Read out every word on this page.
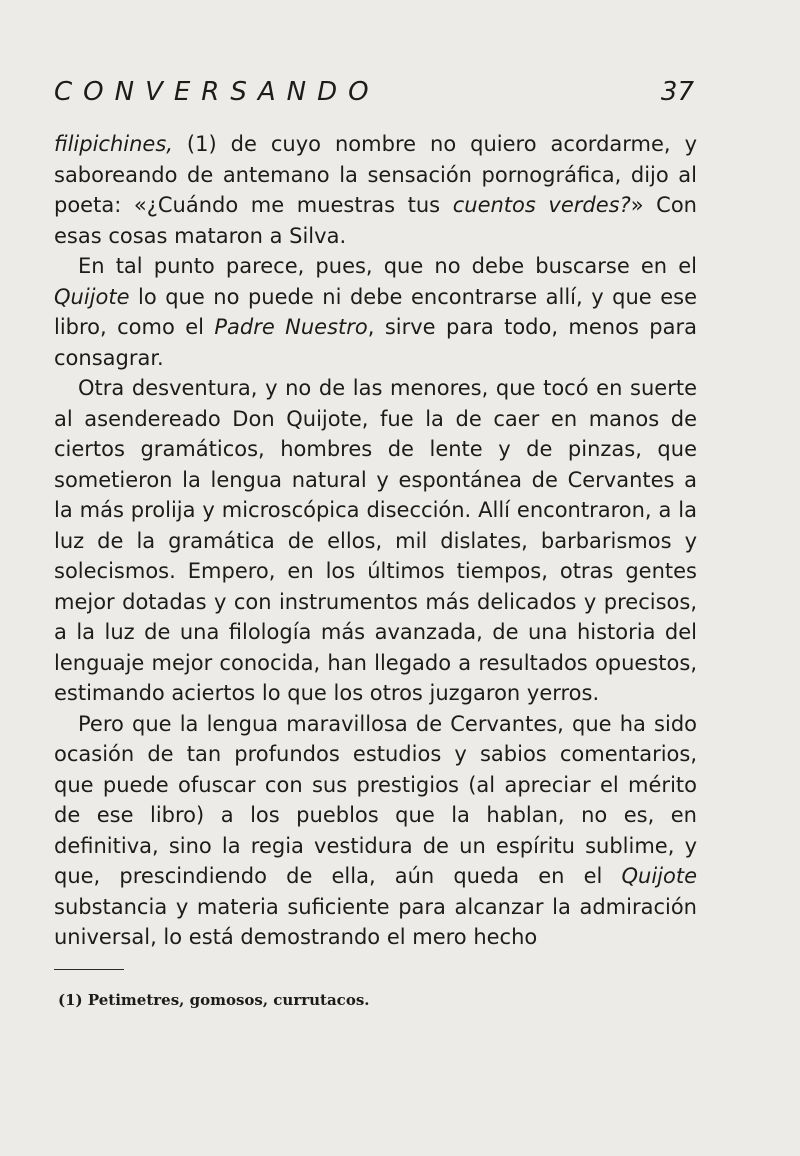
CONVERSANDO	37

filipichines, (1) de cuyo nombre no quiero acordarme, y saboreando de antemano la sensación pornográfica, dijo al poeta: «¿Cuándo me muestras tus cuentos verdes?» Con esas cosas mataron a Silva.

En tal punto parece, pues, que no debe buscarse en el Quijote lo que no puede ni debe encontrarse allí, y que ese libro, como el Padre Nuestro, sirve para todo, menos para consagrar.

Otra desventura, y no de las menores, que tocó en suerte al asendereado Don Quijote, fue la de caer en manos de ciertos gramáticos, hombres de lente y de pinzas, que sometieron la lengua natural y espontánea de Cervantes a la más prolija y microscópica disección. Allí encontraron, a la luz de la gramática de ellos, mil dislates, barbarismos y solecismos. Empero, en los últimos tiempos, otras gentes mejor dotadas y con instrumentos más delicados y precisos, a la luz de una filología más avanzada, de una historia del lenguaje mejor conocida, han llegado a resultados opuestos, estimando aciertos lo que los otros juzgaron yerros.

Pero que la lengua maravillosa de Cervantes, que ha sido ocasión de tan profundos estudios y sabios comentarios, que puede ofuscar con sus prestigios (al apreciar el mérito de ese libro) a los pueblos que la hablan, no es, en definitiva, sino la regia vestidura de un espíritu sublime, y que, prescindiendo de ella, aún queda en el Quijote substancia y materia suficiente para alcanzar la admiración universal, lo está demostrando el mero hecho

(1) Petimetres, gomosos, currutacos.
